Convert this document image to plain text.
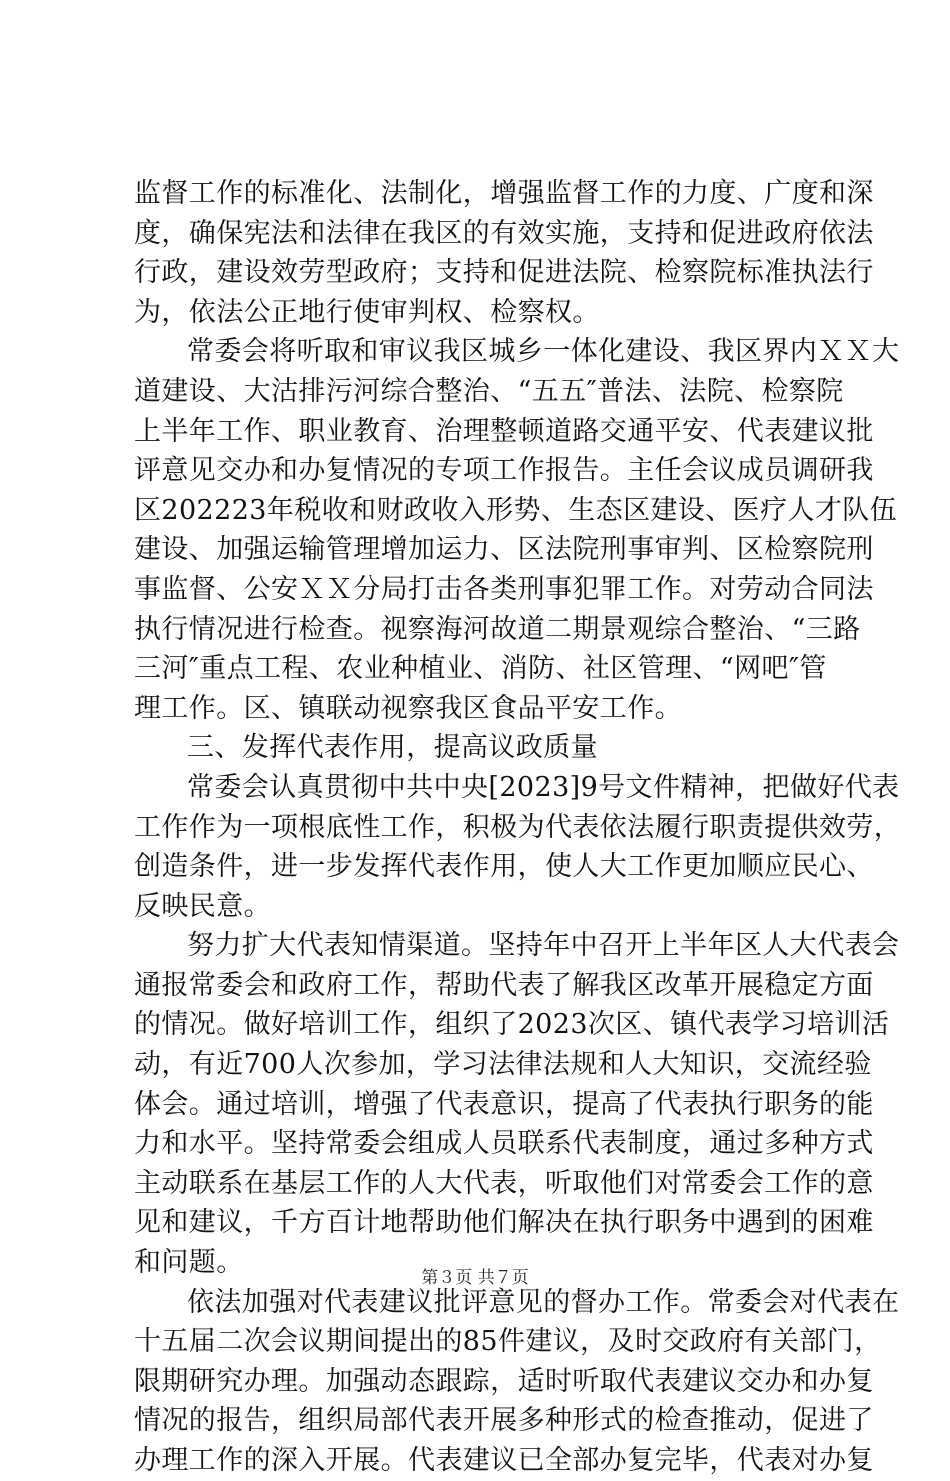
监督工作的标准化、法制化，增强监督工作的力度、广度和深
度，确保宪法和法律在我区的有效实施，支持和促进政府依法
行政，建设效劳型政府；支持和促进法院、检察院标准执法行
为，依法公正地行使审判权、检察权。
常委会将听取和审议我区城乡一体化建设、我区界内ＸＸ大
道建设、大沽排污河综合整治、“五五″普法、法院、检察院
上半年工作、职业教育、治理整顿道路交通平安、代表建议批
评意见交办和办复情况的专项工作报告。主任会议成员调研我
区202223年税收和财政收入形势、生态区建设、医疗人才队伍
建设、加强运输管理增加运力、区法院刑事审判、区检察院刑
事监督、公安ＸＸ分局打击各类刑事犯罪工作。对劳动合同法
执行情况进行检查。视察海河故道二期景观综合整治、“三路
三河″重点工程、农业种植业、消防、社区管理、“网吧″管
理工作。区、镇联动视察我区食品平安工作。
三、发挥代表作用，提高议政质量
常委会认真贯彻中共中央[2023]9号文件精神，把做好代表
工作作为一项根底性工作，积极为代表依法履行职责提供效劳，
创造条件，进一步发挥代表作用，使人大工作更加顺应民心、
反映民意。
努力扩大代表知情渠道。坚持年中召开上半年区人大代表会
通报常委会和政府工作，帮助代表了解我区改革开展稳定方面
的情况。做好培训工作，组织了2023次区、镇代表学习培训活
动，有近700人次参加，学习法律法规和人大知识，交流经验
体会。通过培训，增强了代表意识，提高了代表执行职务的能
力和水平。坚持常委会组成人员联系代表制度，通过多种方式
主动联系在基层工作的人大代表，听取他们对常委会工作的意
见和建议，千方百计地帮助他们解决在执行职务中遇到的困难
和问题。
依法加强对代表建议批评意见的督办工作。常委会对代表在
十五届二次会议期间提出的85件建议，及时交政府有关部门，
限期研究办理。加强动态跟踪，适时听取代表建议交办和办复
情况的报告，组织局部代表开展多种形式的检查推动，促进了
办理工作的深入开展。代表建议已全部办复完毕，代表对办复
第３页 共７页
